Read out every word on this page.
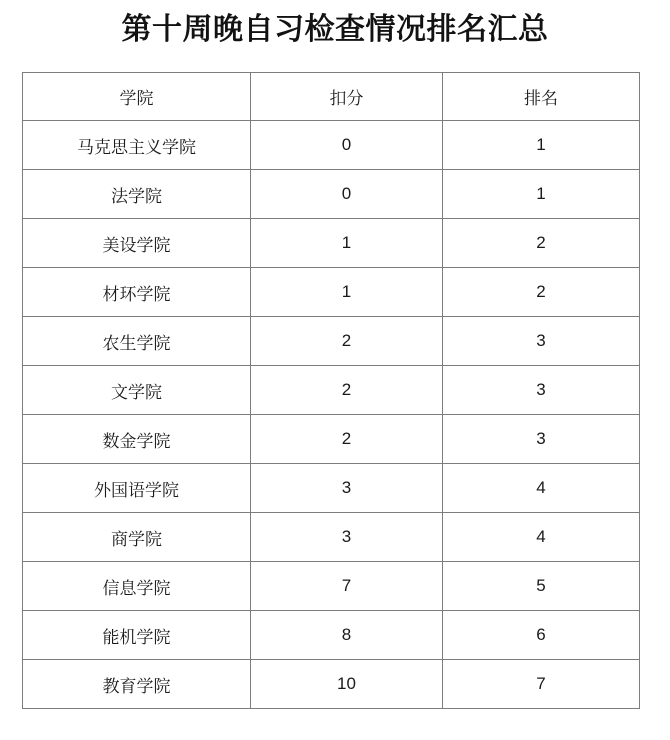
第十周晚自习检查情况排名汇总
学院	扣分	排名
马克思主义学院	0	1
法学院	0	1
美设学院	1	2
材环学院	1	2
农生学院	2	3
文学院	2	3
数金学院	2	3
外国语学院	3	4
商学院	3	4
信息学院	7	5
能机学院	8	6
教育学院	10	7
